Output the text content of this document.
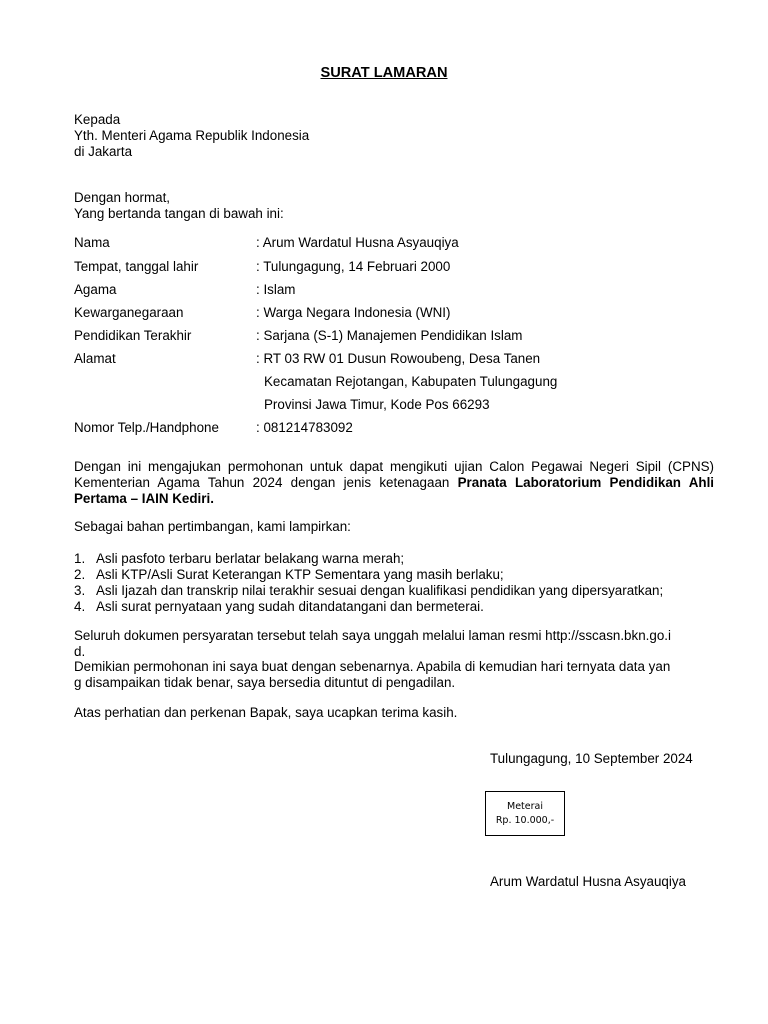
SURAT LAMARAN
Kepada
Yth. Menteri Agama Republik Indonesia
di Jakarta
Dengan hormat,
Yang bertanda tangan di bawah ini:
Nama	: Arum Wardatul Husna Asyauqiya
Tempat, tanggal lahir	: Tulungagung, 14 Februari 2000
Agama	: Islam
Kewarganegaraan	: Warga Negara Indonesia (WNI)
Pendidikan Terakhir	: Sarjana (S-1) Manajemen Pendidikan Islam
Alamat	: RT 03 RW 01 Dusun Rowoubeng, Desa Tanen
Kecamatan Rejotangan, Kabupaten Tulungagung
Provinsi Jawa Timur, Kode Pos 66293
Nomor Telp./Handphone	: 081214783092
Dengan ini mengajukan permohonan untuk dapat mengikuti ujian Calon Pegawai Negeri Sipil (CPNS) Kementerian Agama Tahun 2024 dengan jenis ketenagaan Pranata Laboratorium Pendidikan Ahli Pertama – IAIN Kediri.
Sebagai bahan pertimbangan, kami lampirkan:
1. Asli pasfoto terbaru berlatar belakang warna merah;
2. Asli KTP/Asli Surat Keterangan KTP Sementara yang masih berlaku;
3. Asli Ijazah dan transkrip nilai terakhir sesuai dengan kualifikasi pendidikan yang dipersyaratkan;
4. Asli surat pernyataan yang sudah ditandatangani dan bermeterai.
Seluruh dokumen persyaratan tersebut telah saya unggah melalui laman resmi http://sscasn.bkn.go.i
d.
Demikian permohonan ini saya buat dengan sebenarnya. Apabila di kemudian hari ternyata data yan
g disampaikan tidak benar, saya bersedia dituntut di pengadilan.
Atas perhatian dan perkenan Bapak, saya ucapkan terima kasih.
Tulungagung, 10 September 2024
Meterai
Rp. 10.000,-
Arum Wardatul Husna Asyauqiya
